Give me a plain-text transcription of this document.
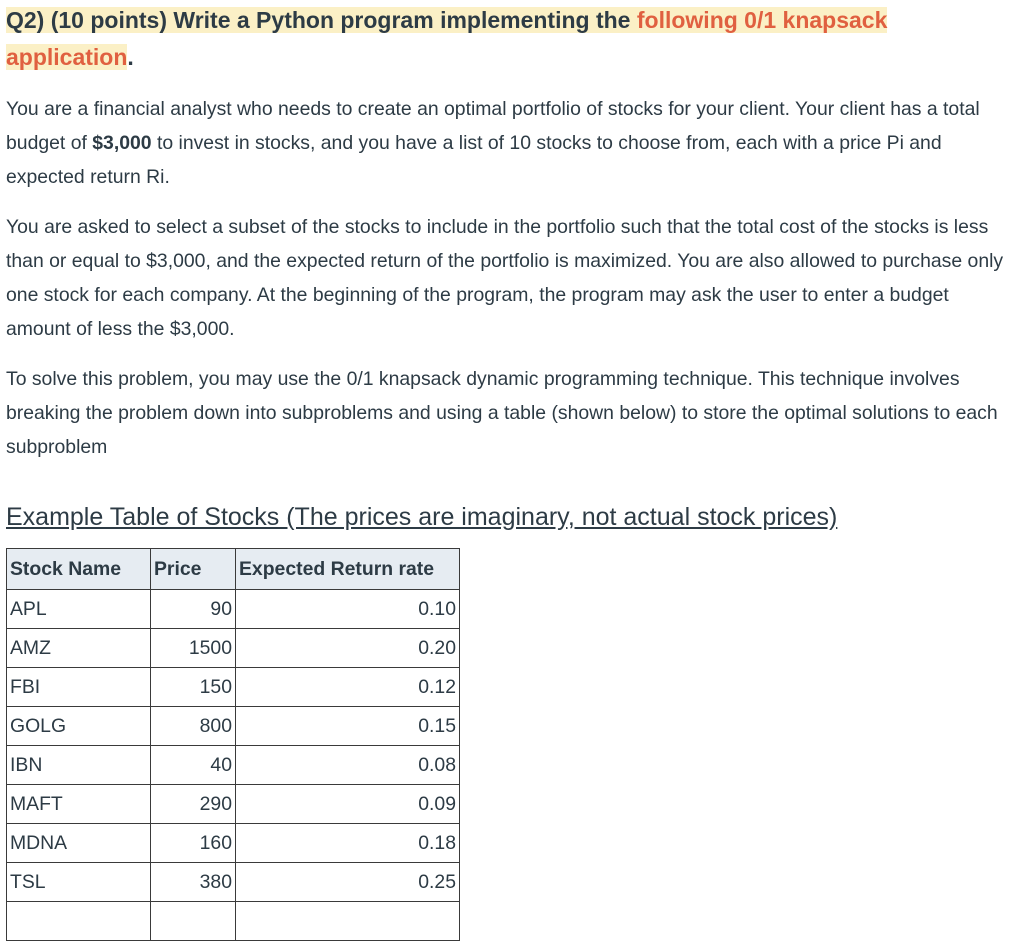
Q2) (10 points) Write a Python program implementing the following 0/1 knapsack application.

You are a financial analyst who needs to create an optimal portfolio of stocks for your client. Your client has a total budget of $3,000 to invest in stocks, and you have a list of 10 stocks to choose from, each with a price Pi and expected return Ri.

You are asked to select a subset of the stocks to include in the portfolio such that the total cost of the stocks is less than or equal to $3,000, and the expected return of the portfolio is maximized. You are also allowed to purchase only one stock for each company. At the beginning of the program, the program may ask the user to enter a budget amount of less the $3,000.

To solve this problem, you may use the 0/1 knapsack dynamic programming technique. This technique involves breaking the problem down into subproblems and using a table (shown below) to store the optimal solutions to each subproblem

Example Table of Stocks (The prices are imaginary, not actual stock prices)
Stock Name	Price	Expected Return rate
APL	90	0.10
AMZ	1500	0.20
FBI	150	0.12
GOLG	800	0.15
IBN	40	0.08
MAFT	290	0.09
MDNA	160	0.18
TSL	380	0.25
